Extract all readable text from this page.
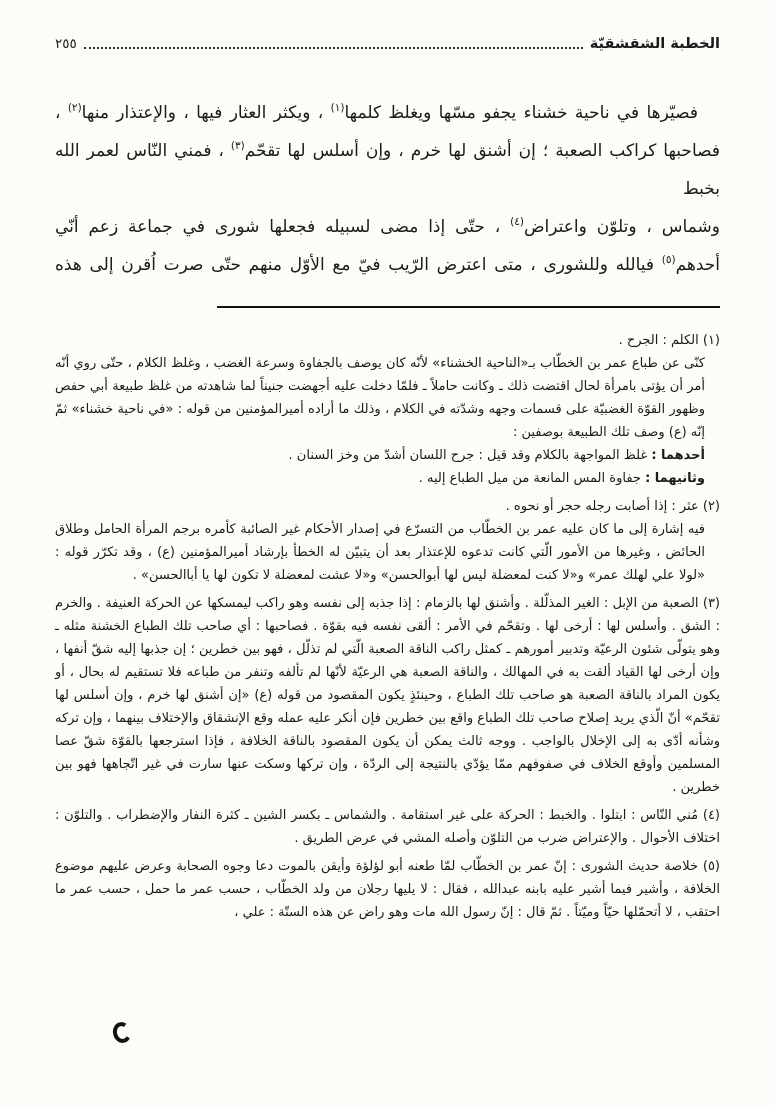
الخطبة الشقشقيّة
٢٥٥
فصيّرها في ناحية خشناء يجفو مسّها ويغلظ كلمها$^{(١)}$ ، ويكثر العثار فيها ، والإعتذار منها$^{(٢)}$ ،
فصاحبها كراكب الصعبة ؛ إن أشنق لها خرم ، وإن أسلس لها تقحّم$^{(٣)}$ ، فمني النّاس لعمر الله بخبط
وشماس ، وتلوّن واعتراض$^{(٤)}$ ، حتّى إذا مضى لسبيله فجعلها شورى في جماعة زعم أنّي
أحدهم$^{(٥)}$ فيالله وللشورى ، متى اعترض الرّيب فيّ مع الأوّل منهم حتّى صرت اُقرن إلى هذه
(١) الكلم : الجرح .
كنّى عن طباع عمر بن الخطّاب بـ«الناحية الخشناء» لأنّه كان يوصف بالجفاوة وسرعة الغضب ، وغلظ الكلام ، حتّى روي أنّه أمر أن يؤتى بامرأة لحال اقتضت ذلك ـ وكانت حاملاً ـ فلمّا دخلت عليه أجهضت جنيناً لما شاهدته من غلظ طبيعة أبي حفص وظهور القوّة الغضبيّة على قسمات وجهه وشدّته في الكلام ، وذلك ما أراده أميرالمؤمنين من قوله : «في ناحية خشناء» ثمّ إنّه (ع) وصف تلك الطبيعة بوصفين :
أحدهما : غلظ المواجهة بالكلام وقد قيل : جرح اللسان أشدّ من وخز السنان .
وثانيهما : جفاوة المس المانعة من ميل الطباع إليه .
(٢) عثر : إذا أصابت رجله حجر أو نحوه .
فيه إشارة إلى ما كان عليه عمر بن الخطّاب من التسرّع في إصدار الأحكام غير الصائبة كأمره برجم المرأة الحامل وطلاق الحائض ، وغيرها من الأمور الّتي كانت تدعوه للإعتذار بعد أن يتبيّن له الخطأ بإرشاد أميرالمؤمنين (ع) ، وقد تكرّر قوله : «لولا علي لهلك عمر» و«لا كنت لمعضلة ليس لها أبوالحسن» و«لا عشت لمعضلة لا تكون لها يا أباالحسن» .
(٣) الصعبة من الإبل : الغير المذلّلة . وأشنق لها بالزمام : إذا جذبه إلى نفسه وهو راكب ليمسكها عن الحركة العنيفة . والخرم : الشق . وأسلس لها : أرخى لها . وتقحّم في الأمر : ألقى نفسه فيه بقوّة . فصاحبها : أي صاحب تلك الطباع الخشنة مثله ـ وهو يتولّى شئون الرعيّة وتدبير أمورهم ـ كمثل راكب الناقة الصعبة الّتي لم تذلّل ، فهو بين خطرين ؛ إن جذبها إليه شقّ أنفها ، وإن أرخى لها القياد ألقت به في المهالك ، والناقة الصعبة هي الرعيّة لأنّها لم تألفه وتنفر من طباعه فلا تستقيم له بحال ، أو يكون المراد بالناقة الصعبة هو صاحب تلك الطباع ، وحينئذٍ يكون المقصود من قوله (ع) «إن أشنق لها خرم ، وإن أسلس لها تقحّم» أنّ الّذي يريد إصلاح صاحب تلك الطباع واقع بين خطرين فإن أنكر عليه عمله وقع الإنشقاق والإختلاف بينهما ، وإن تركه وشأنه أدّى به إلى الإخلال بالواجب . ووجه ثالث يمكن أن يكون المقصود بالناقة الخلافة ، فإذا استرجعها بالقوّة شقّ عصا المسلمين وأوقع الخلاف في صفوفهم ممّا يؤدّي بالنتيجة إلى الردّة ، وإن تركها وسكت عنها سارت في غير اتّجاهها فهو بين خطرين .
(٤) مُني النّاس : ابتلوا . والخبط : الحركة على غير استقامة . والشماس ـ بكسر الشين ـ كثرة النفار والإضطراب . والتلوّن : اختلاف الأحوال . والإعتراض ضرب من التلوّن وأصله المشي في عرض الطريق .
(٥) خلاصة حديث الشورى : إنّ عمر بن الخطّاب لمّا طعنه أبو لؤلؤة وأيقن بالموت دعا وجوه الصحابة وعرض عليهم موضوع الخلافة ، وأشير فيما أشير عليه بابنه عبدالله ، فقال : لا يليها رجلان من ولد الخطّاب ، حسب عمر ما حمل ، حسب عمر ما احتقب ، لا أتحمّلها حيّاً وميّتاً . ثمّ قال : إنّ رسول الله مات وهو راض عن هذه الستّة : علي ،
